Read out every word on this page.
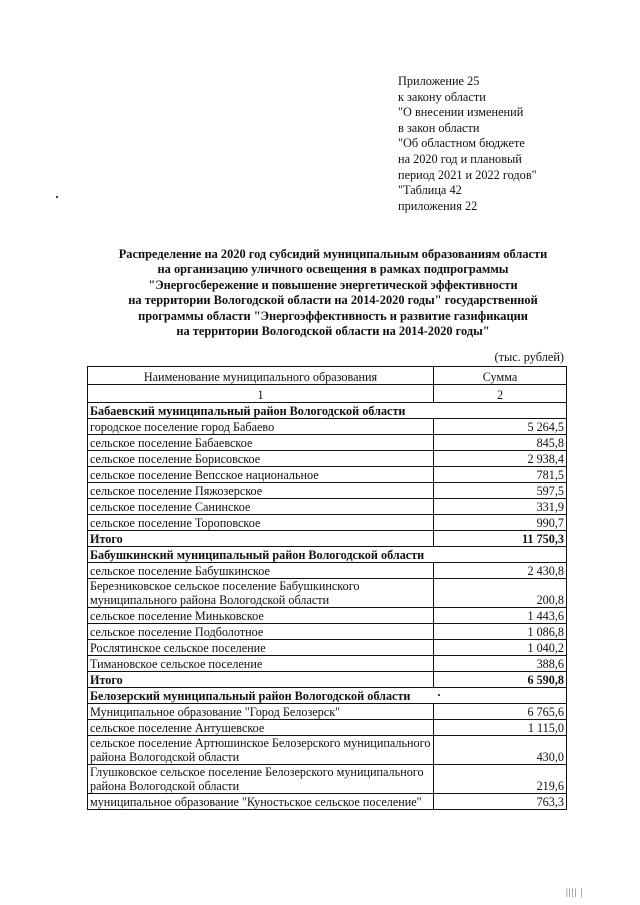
Приложение 25
к закону области
"О внесении изменений
в закон области
"Об областном бюджете
на 2020 год и плановый
период 2021 и 2022 годов"
"Таблица 42
приложения 22
Распределение на 2020 год субсидий муниципальным образованиям области
на организацию уличного освещения в рамках подпрограммы
"Энергосбережение и повышение энергетической эффективности
на территории Вологодской области на 2014-2020 годы" государственной
программы области "Энергоэффективность и развитие газификации
на территории Вологодской области на 2014-2020 годы"
(тыс. рублей)
Наименование муниципального образования	Сумма
1	2
Бабаевский муниципальный район Вологодской области	
городское поселение город Бабаево	5 264,5
сельское поселение Бабаевское	845,8
сельское поселение Борисовское	2 938,4
сельское поселение Вепсское национальное	781,5
сельское поселение Пяжозерское	597,5
сельское поселение Санинское	331,9
сельское поселение Тороповское	990,7
Итого	11 750,3
Бабушкинский муниципальный район Вологодской области	
сельское поселение Бабушкинское	2 430,8
Березниковское сельское поселение Бабушкинского муниципального района Вологодской области	200,8
сельское поселение Миньковское	1 443,6
сельское поселение Подболотное	1 086,8
Рослятинское сельское поселение	1 040,2
Тимановское сельское поселение	388,6
Итого	6 590,8
Белозерский муниципальный район Вологодской области	
Муниципальное образование "Город Белозерск"	6 765,6
сельское поселение Антушевское	1 115,0
сельское поселение Артюшинское Белозерского муниципального района Вологодской области	430,0
Глушковское сельское поселение Белозерского муниципального района Вологодской области	219,6
муниципальное образование "Куностьское сельское поселение"	763,3
|||| |
